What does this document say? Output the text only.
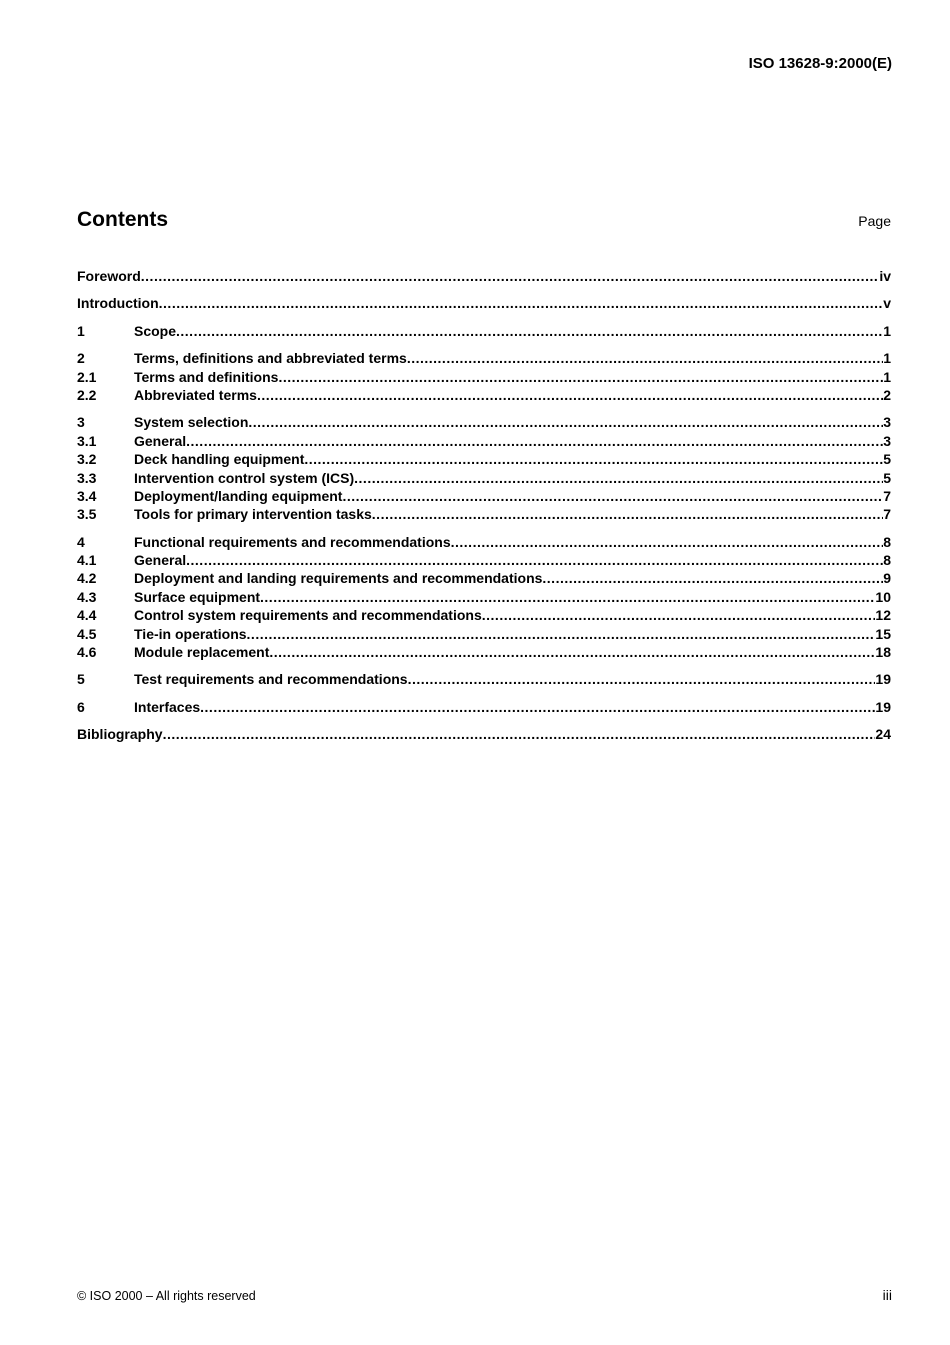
ISO 13628-9:2000(E)
Contents	Page
Foreword .....	iv
Introduction .....	v
1	Scope .....	1
2	Terms, definitions and abbreviated terms .....	1
2.1	Terms and definitions .....	1
2.2	Abbreviated terms .....	2
3	System selection .....	3
3.1	General .....	3
3.2	Deck handling equipment .....	5
3.3	Intervention control system (ICS) .....	5
3.4	Deployment/landing equipment .....	7
3.5	Tools for primary intervention tasks .....	7
4	Functional requirements and recommendations .....	8
4.1	General .....	8
4.2	Deployment and landing requirements and recommendations .....	9
4.3	Surface equipment .....	10
4.4	Control system requirements and recommendations .....	12
4.5	Tie-in operations .....	15
4.6	Module replacement .....	18
5	Test requirements and recommendations .....	19
6	Interfaces .....	19
Bibliography .....	24
© ISO 2000 – All rights reserved	iii
